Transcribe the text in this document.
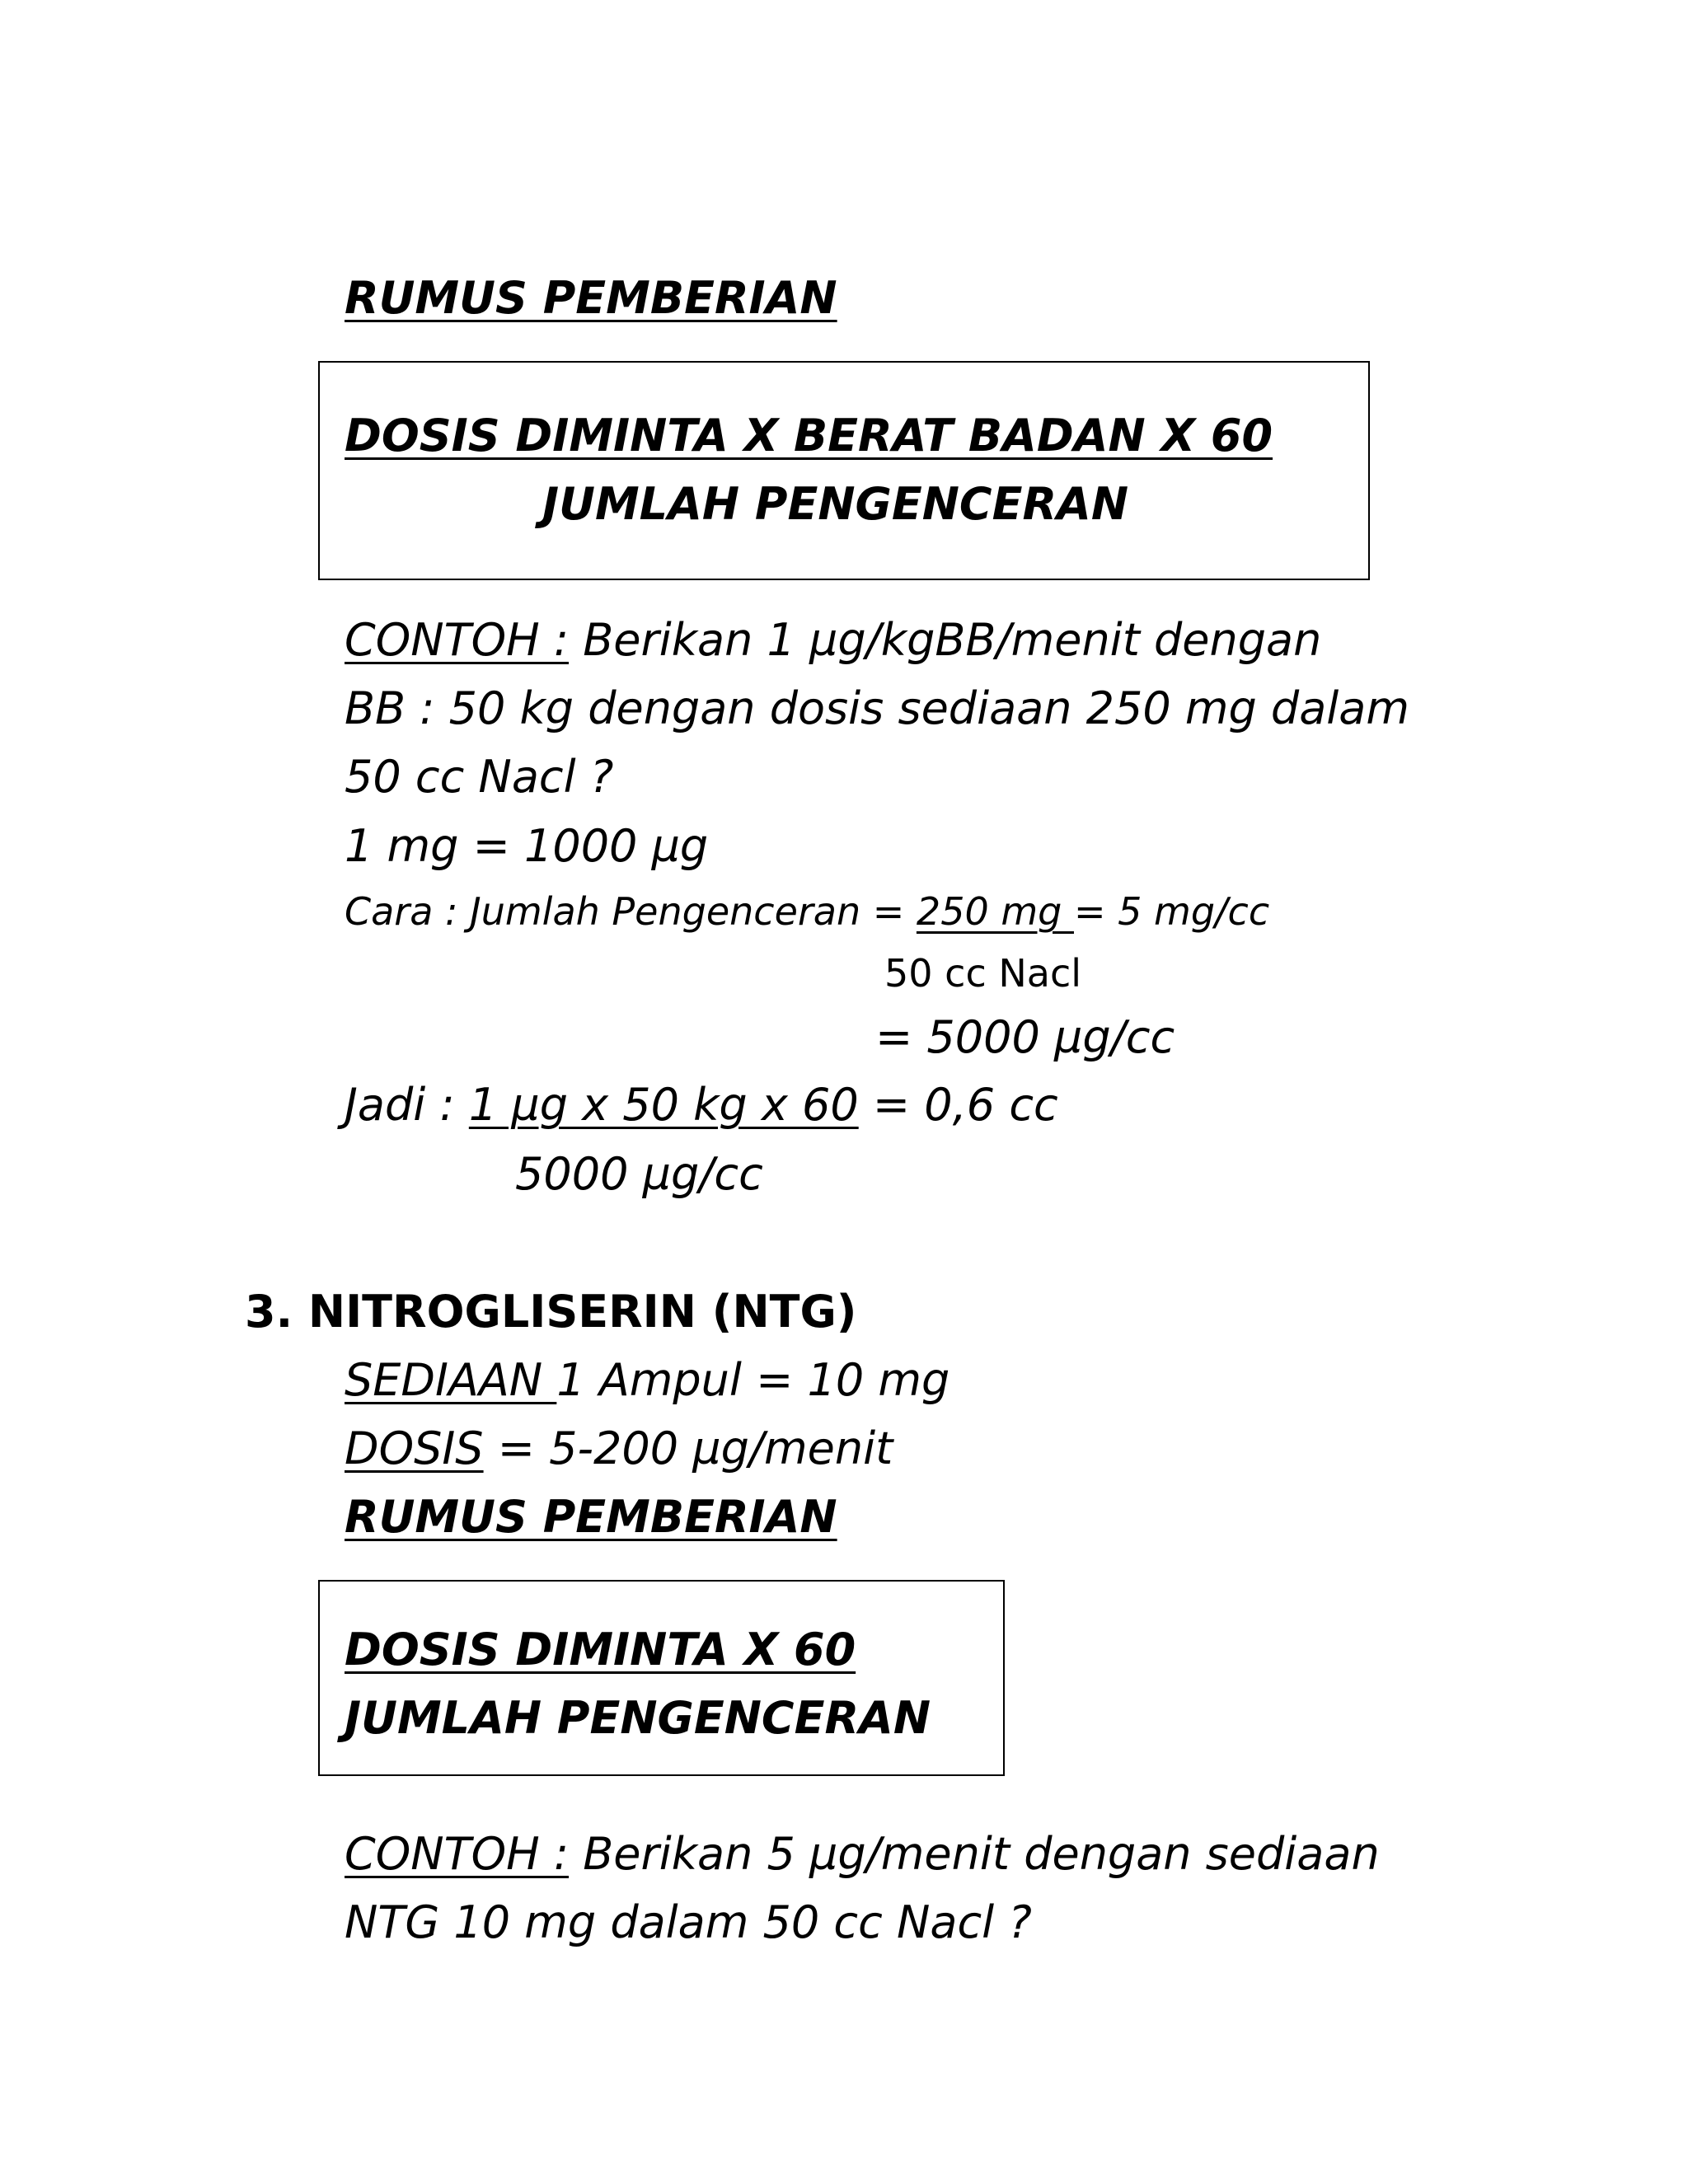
RUMUS PEMBERIAN
DOSIS DIMINTA X BERAT BADAN X 60
JUMLAH PENGENCERAN
CONTOH : Berikan 1 µg/kgBB/menit dengan
BB : 50 kg dengan dosis sediaan 250 mg dalam
50 cc Nacl ?
1 mg = 1000 µg
Cara : Jumlah Pengenceran = 250 mg = 5 mg/cc
50 cc Nacl
= 5000 µg/cc
Jadi : 1 µg x 50 kg x 60 = 0,6 cc
5000 µg/cc
3. NITROGLISERIN (NTG)
SEDIAAN 1 Ampul = 10 mg
DOSIS = 5-200 µg/menit
RUMUS PEMBERIAN
DOSIS DIMINTA X 60
JUMLAH PENGENCERAN
CONTOH : Berikan 5 µg/menit dengan sediaan
NTG 10 mg dalam 50 cc Nacl ?
